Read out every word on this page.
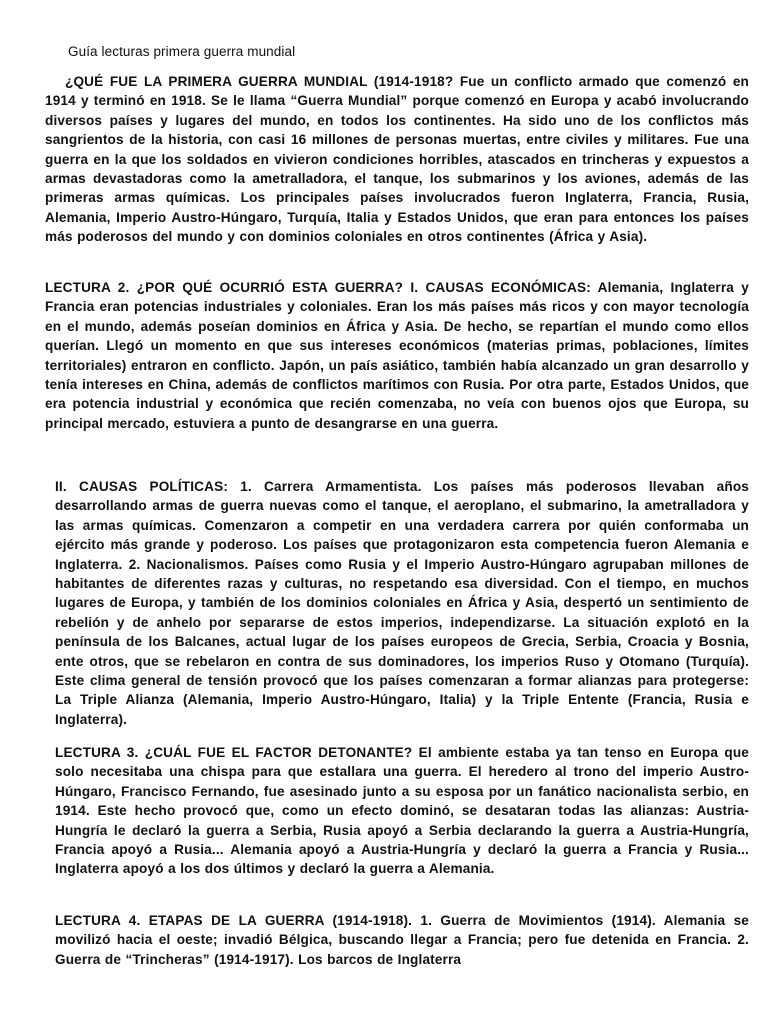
Guía lecturas primera guerra mundial

¿QUÉ FUE LA PRIMERA GUERRA MUNDIAL (1914-1918? Fue un conflicto armado que comenzó en 1914 y terminó en 1918. Se le llama “Guerra Mundial” porque comenzó en Europa y acabó involucrando diversos países y lugares del mundo, en todos los continentes. Ha sido uno de los conflictos más sangrientos de la historia, con casi 16 millones de personas muertas, entre civiles y militares. Fue una guerra en la que los soldados en vivieron condiciones horribles, atascados en trincheras y expuestos a armas devastadoras como la ametralladora, el tanque, los submarinos y los aviones, además de las primeras armas químicas. Los principales países involucrados fueron Inglaterra, Francia, Rusia, Alemania, Imperio Austro-Húngaro, Turquía, Italia y Estados Unidos, que eran para entonces los países más poderosos del mundo y con dominios coloniales en otros continentes (África y Asia).

LECTURA 2. ¿POR QUÉ OCURRIÓ ESTA GUERRA? I. CAUSAS ECONÓMICAS: Alemania, Inglaterra y Francia eran potencias industriales y coloniales. Eran los más países más ricos y con mayor tecnología en el mundo, además poseían dominios en África y Asia. De hecho, se repartían el mundo como ellos querían. Llegó un momento en que sus intereses económicos (materias primas, poblaciones, límites territoriales) entraron en conflicto. Japón, un país asiático, también había alcanzado un gran desarrollo y tenía intereses en China, además de conflictos marítimos con Rusia. Por otra parte, Estados Unidos, que era potencia industrial y económica que recién comenzaba, no veía con buenos ojos que Europa, su principal mercado, estuviera a punto de desangrarse en una guerra.

II. CAUSAS POLÍTICAS: 1. Carrera Armamentista. Los países más poderosos llevaban años desarrollando armas de guerra nuevas como el tanque, el aeroplano, el submarino, la ametralladora y las armas químicas. Comenzaron a competir en una verdadera carrera por quién conformaba un ejército más grande y poderoso. Los países que protagonizaron esta competencia fueron Alemania e Inglaterra. 2. Nacionalismos. Países como Rusia y el Imperio Austro-Húngaro agrupaban millones de habitantes de diferentes razas y culturas, no respetando esa diversidad. Con el tiempo, en muchos lugares de Europa, y también de los dominios coloniales en África y Asia, despertó un sentimiento de rebelión y de anhelo por separarse de estos imperios, independizarse. La situación explotó en la península de los Balcanes, actual lugar de los países europeos de Grecia, Serbia, Croacia y Bosnia, ente otros, que se rebelaron en contra de sus dominadores, los imperios Ruso y Otomano (Turquía). Este clima general de tensión provocó que los países comenzaran a formar alianzas para protegerse: La Triple Alianza (Alemania, Imperio Austro-Húngaro, Italia) y la Triple Entente (Francia, Rusia e Inglaterra).

LECTURA 3. ¿CUÁL FUE EL FACTOR DETONANTE? El ambiente estaba ya tan tenso en Europa que solo necesitaba una chispa para que estallara una guerra. El heredero al trono del imperio Austro-Húngaro, Francisco Fernando, fue asesinado junto a su esposa por un fanático nacionalista serbio, en 1914. Este hecho provocó que, como un efecto dominó, se desataran todas las alianzas: Austria-Hungría le declaró la guerra a Serbia, Rusia apoyó a Serbia declarando la guerra a Austria-Hungría, Francia apoyó a Rusia... Alemania apoyó a Austria-Hungría y declaró la guerra a Francia y Rusia... Inglaterra apoyó a los dos últimos y declaró la guerra a Alemania.

LECTURA 4. ETAPAS DE LA GUERRA (1914-1918). 1. Guerra de Movimientos (1914). Alemania se movilizó hacia el oeste; invadió Bélgica, buscando llegar a Francia; pero fue detenida en Francia. 2. Guerra de “Trincheras” (1914-1917). Los barcos de Inglaterra
